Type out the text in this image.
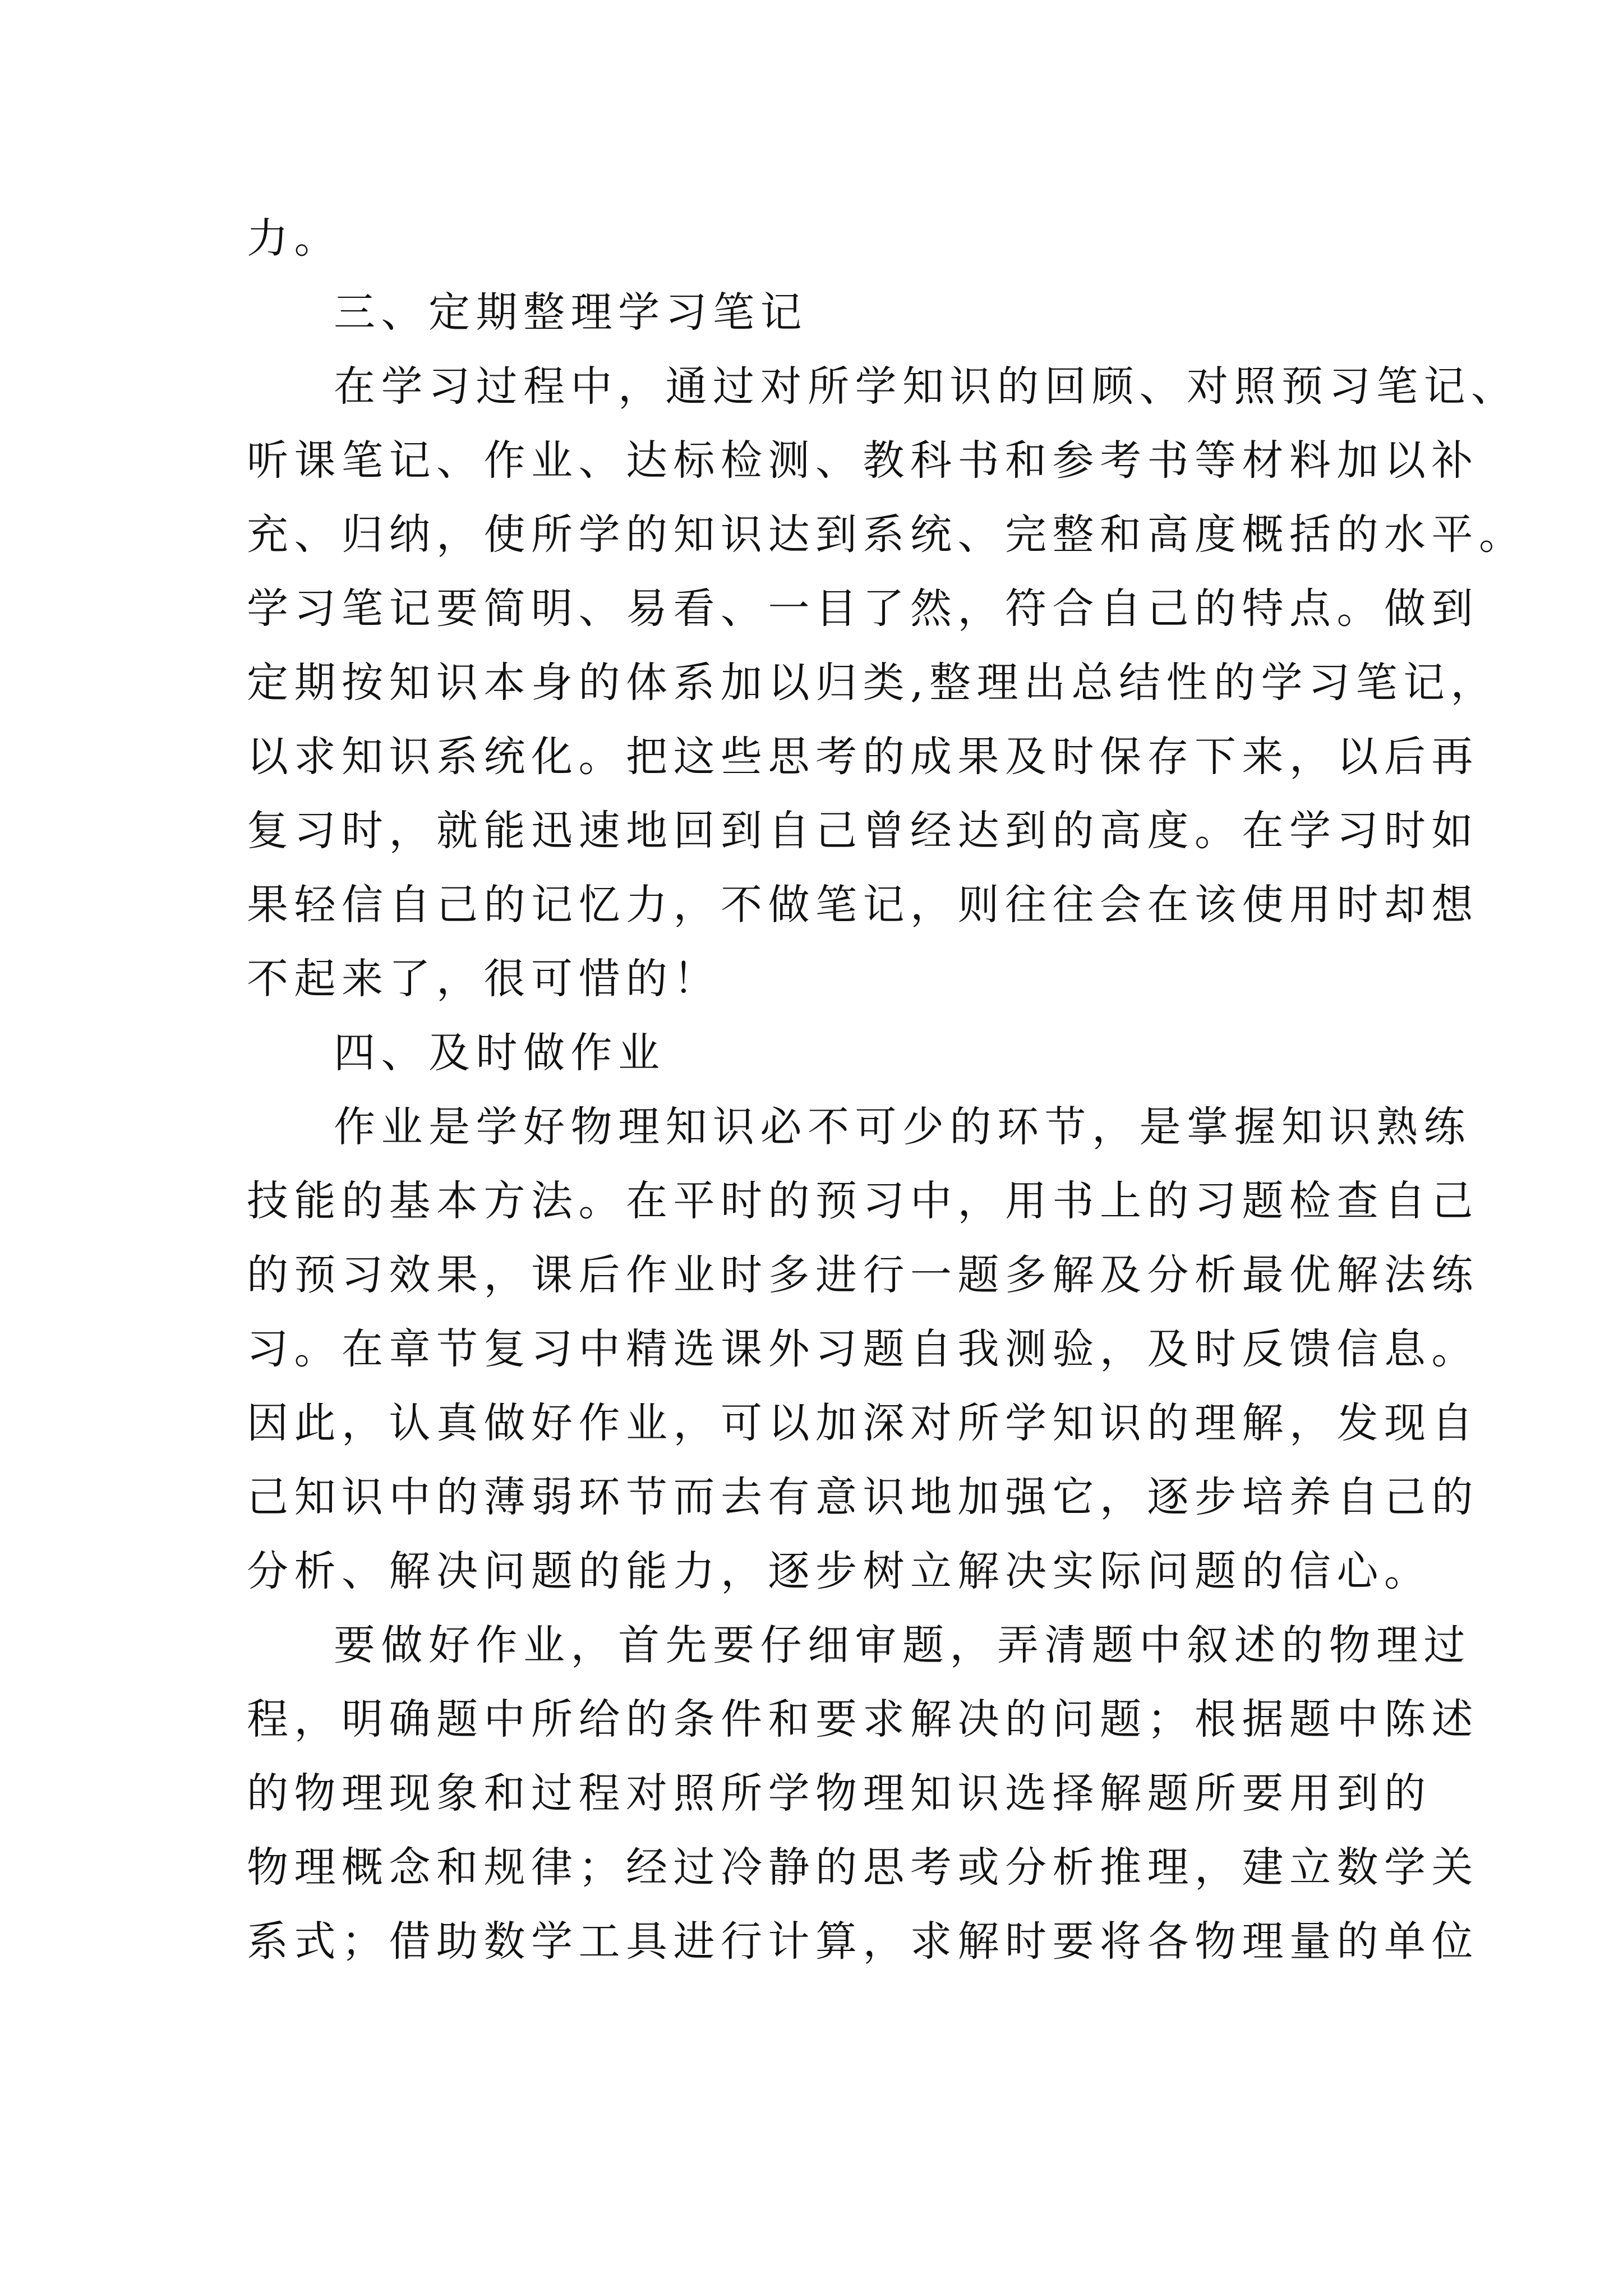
力。
三、定期整理学习笔记
在学习过程中，通过对所学知识的回顾、对照预习笔记、
听课笔记、作业、达标检测、教科书和参考书等材料加以补
充、归纳，使所学的知识达到系统、完整和高度概括的水平。
学习笔记要简明、易看、一目了然，符合自己的特点。做到
定期按知识本身的体系加以归类,整理出总结性的学习笔记，
以求知识系统化。把这些思考的成果及时保存下来，以后再
复习时，就能迅速地回到自己曾经达到的高度。在学习时如
果轻信自己的记忆力，不做笔记，则往往会在该使用时却想
不起来了，很可惜的！
四、及时做作业
作业是学好物理知识必不可少的环节，是掌握知识熟练
技能的基本方法。在平时的预习中，用书上的习题检查自己
的预习效果，课后作业时多进行一题多解及分析最优解法练
习。在章节复习中精选课外习题自我测验，及时反馈信息。
因此，认真做好作业，可以加深对所学知识的理解，发现自
己知识中的薄弱环节而去有意识地加强它，逐步培养自己的
分析、解决问题的能力，逐步树立解决实际问题的信心。
要做好作业，首先要仔细审题，弄清题中叙述的物理过
程，明确题中所给的条件和要求解决的问题；根据题中陈述
的物理现象和过程对照所学物理知识选择解题所要用到的
物理概念和规律；经过冷静的思考或分析推理，建立数学关
系式；借助数学工具进行计算，求解时要将各物理量的单位
